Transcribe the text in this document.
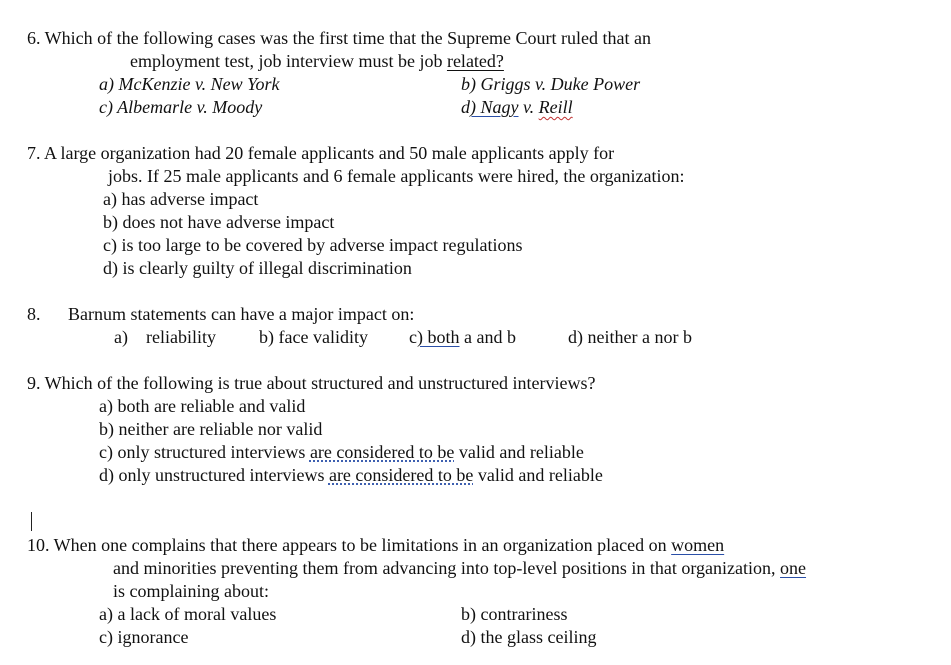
6. Which of the following cases was the first time that the Supreme Court ruled that an
employment test, job interview must be job related?
a) McKenzie v. New York	b) Griggs v. Duke Power
c) Albemarle v. Moody	d) Nagy v. Reill
7. A large organization had 20 female applicants and 50 male applicants apply for
jobs. If 25 male applicants and 6 female applicants were hired, the organization:
a) has adverse impact
b) does not have adverse impact
c) is too large to be covered by adverse impact regulations
d) is clearly guilty of illegal discrimination
8. Barnum statements can have a major impact on:
a)    reliability b) face validity c) both a and b	d) neither a nor b
9. Which of the following is true about structured and unstructured interviews?
a) both are reliable and valid
b) neither are reliable nor valid
c) only structured interviews are considered to be valid and reliable
d) only unstructured interviews are considered to be valid and reliable
10. When one complains that there appears to be limitations in an organization placed on women
and minorities preventing them from advancing into top-level positions in that organization, one
is complaining about:
a) a lack of moral values	b) contrariness
c) ignorance	d) the glass ceiling
